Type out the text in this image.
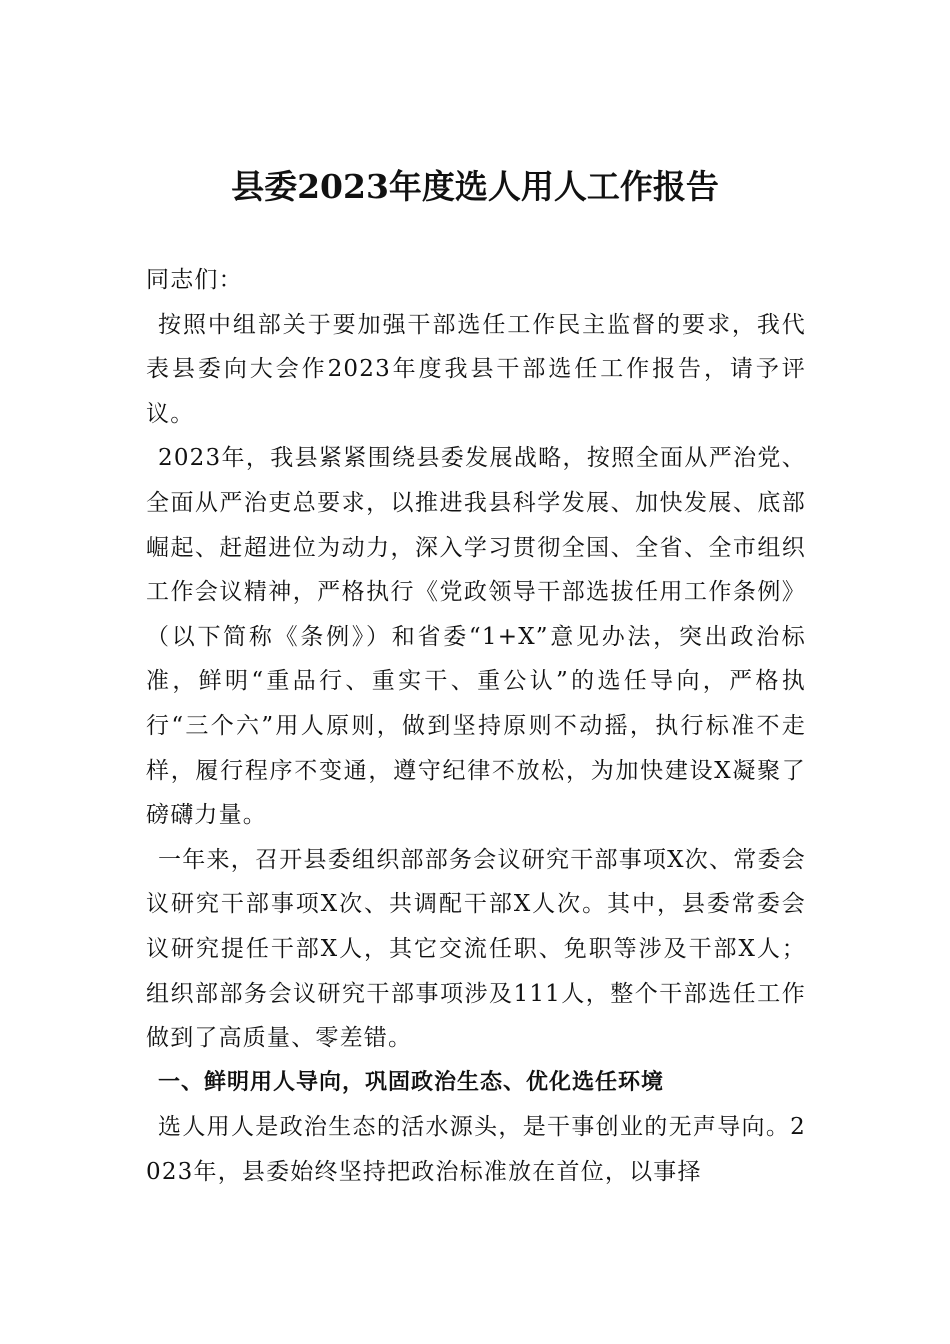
县委2023年度选人用人工作报告

同志们：

按照中组部关于要加强干部选任工作民主监督的要求，我代表县委向大会作2023年度我县干部选任工作报告，请予评议。

2023年，我县紧紧围绕县委发展战略，按照全面从严治党、全面从严治吏总要求，以推进我县科学发展、加快发展、底部崛起、赶超进位为动力，深入学习贯彻全国、全省、全市组织工作会议精神，严格执行《党政领导干部选拔任用工作条例》（以下简称《条例》）和省委“1+X”意见办法，突出政治标准，鲜明“重品行、重实干、重公认”的选任导向，严格执行“三个六”用人原则，做到坚持原则不动摇，执行标准不走样，履行程序不变通，遵守纪律不放松，为加快建设X凝聚了磅礴力量。

一年来，召开县委组织部部务会议研究干部事项X次、常委会议研究干部事项X次、共调配干部X人次。其中，县委常委会议研究提任干部X人，其它交流任职、免职等涉及干部X人；组织部部务会议研究干部事项涉及111人，整个干部选任工作做到了高质量、零差错。

一、鲜明用人导向，巩固政治生态、优化选任环境

选人用人是政治生态的活水源头，是干事创业的无声导向。2023年，县委始终坚持把政治标准放在首位，以事择
